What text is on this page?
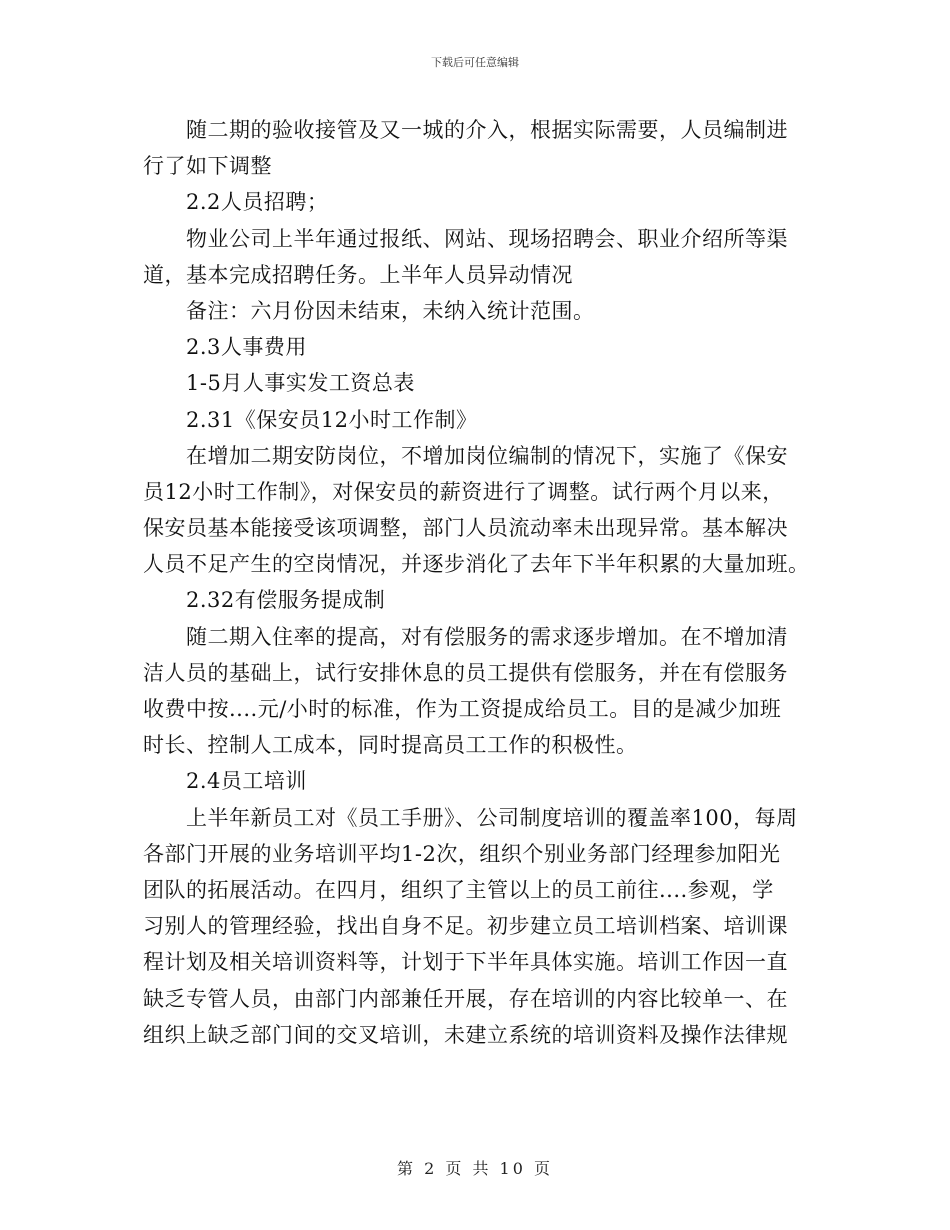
下载后可任意编辑
随二期的验收接管及又一城的介入，根据实际需要，人员编制进
行了如下调整
2.2人员招聘；
物业公司上半年通过报纸、网站、现场招聘会、职业介绍所等渠
道，基本完成招聘任务。上半年人员异动情况
备注：六月份因未结束，未纳入统计范围。
2.3人事费用
1-5月人事实发工资总表
2.31《保安员12小时工作制》
在增加二期安防岗位，不增加岗位编制的情况下，实施了《保安
员12小时工作制》，对保安员的薪资进行了调整。试行两个月以来，
保安员基本能接受该项调整，部门人员流动率未出现异常。基本解决
人员不足产生的空岗情况，并逐步消化了去年下半年积累的大量加班。
2.32有偿服务提成制
随二期入住率的提高，对有偿服务的需求逐步增加。在不增加清
洁人员的基础上，试行安排休息的员工提供有偿服务，并在有偿服务
收费中按....元/小时的标准，作为工资提成给员工。目的是减少加班
时长、控制人工成本，同时提高员工工作的积极性。
2.4员工培训
上半年新员工对《员工手册》、公司制度培训的覆盖率100，每周
各部门开展的业务培训平均1-2次，组织个别业务部门经理参加阳光
团队的拓展活动。在四月，组织了主管以上的员工前往....参观，学
习别人的管理经验，找出自身不足。初步建立员工培训档案、培训课
程计划及相关培训资料等，计划于下半年具体实施。培训工作因一直
缺乏专管人员，由部门内部兼任开展，存在培训的内容比较单一、在
组织上缺乏部门间的交叉培训，未建立系统的培训资料及操作法律规
第 2 页 共 10 页
